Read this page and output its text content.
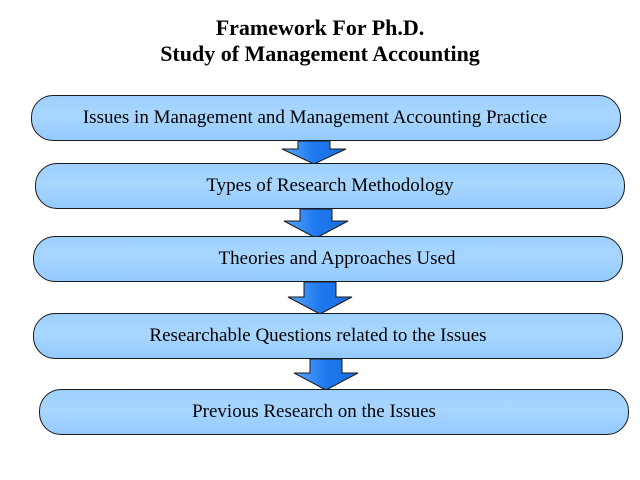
Framework For Ph.D.
Study of Management Accounting
Issues in Management and Management Accounting Practice
Types of Research Methodology
Theories and Approaches Used
Researchable Questions related to the Issues
Previous Research on the Issues
